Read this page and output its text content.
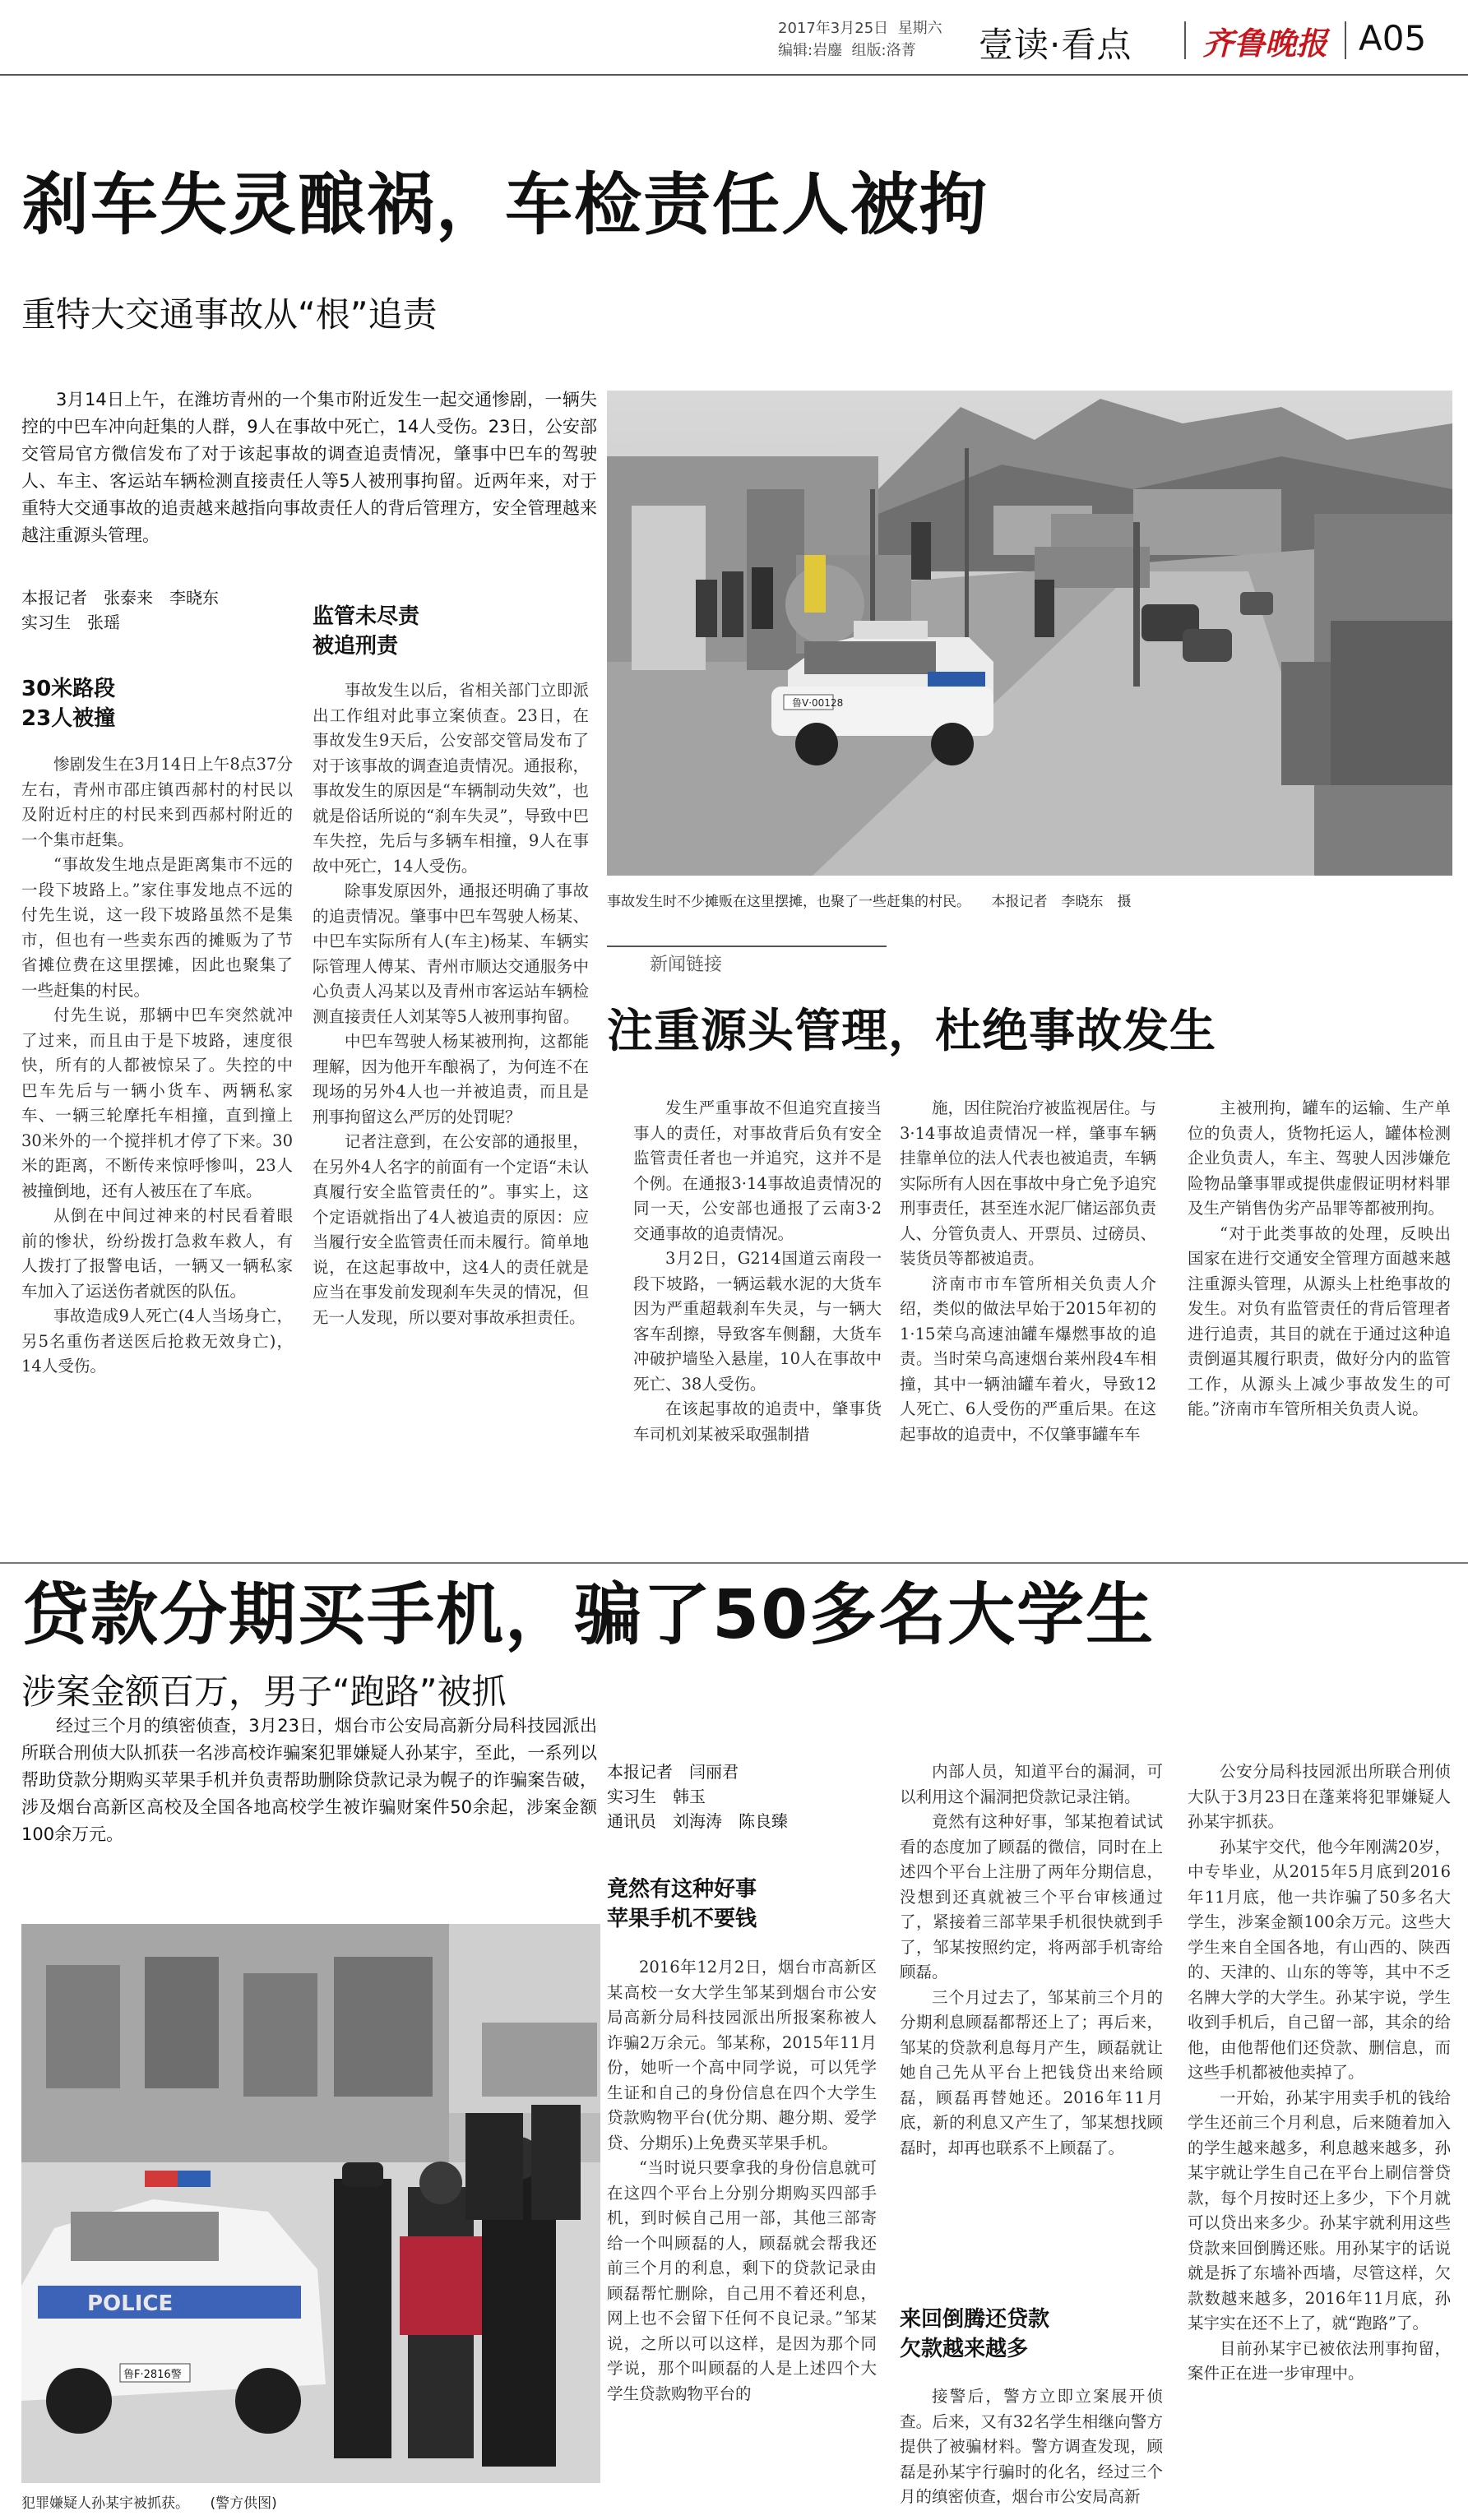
2017年3月25日 星期六
编辑:岩鏖 组版:洛菁 壹读·看点 齐鲁晚报 A05
刹车失灵酿祸，车检责任人被拘
重特大交通事故从“根”追责
3月14日上午，在潍坊青州的一个集市附近发生一起交通惨剧，一辆失控的中巴车冲向赶集的人群，9人在事故中死亡，14人受伤。23日，公安部交管局官方微信发布了对于该起事故的调查追责情况，肇事中巴车的驾驶人、车主、客运站车辆检测直接责任人等5人被刑事拘留。近两年来，对于重特大交通事故的追责越来越指向事故责任人的背后管理方，安全管理越来越注重源头管理。
本报记者　张泰来　李晓东
实习生　张瑶
30米路段
23人被撞

惨剧发生在3月14日上午8点37分左右，青州市邵庄镇西郝村的村民以及附近村庄的村民来到西郝村附近的一个集市赶集。

“事故发生地点是距离集市不远的一段下坡路上。”家住事发地点不远的付先生说，这一段下坡路虽然不是集市，但也有一些卖东西的摊贩为了节省摊位费在这里摆摊，因此也聚集了一些赶集的村民。

付先生说，那辆中巴车突然就冲了过来，而且由于是下坡路，速度很快，所有的人都被惊呆了。失控的中巴车先后与一辆小货车、两辆私家车、一辆三轮摩托车相撞，直到撞上30米外的一个搅拌机才停了下来。30米的距离，不断传来惊呼惨叫，23人被撞倒地，还有人被压在了车底。

从倒在中间过神来的村民看着眼前的惨状，纷纷拨打急救车救人，有人拨打了报警电话，一辆又一辆私家车加入了运送伤者就医的队伍。

事故造成9人死亡(4人当场身亡，另5名重伤者送医后抢救无效身亡)，14人受伤。

监管未尽责
被追刑责

事故发生以后，省相关部门立即派出工作组对此事立案侦查。23日，在事故发生9天后，公安部交管局发布了对于该事故的调查追责情况。通报称，事故发生的原因是“车辆制动失效”，也就是俗话所说的“刹车失灵”，导致中巴车失控，先后与多辆车相撞，9人在事故中死亡，14人受伤。

除事发原因外，通报还明确了事故的追责情况。肇事中巴车驾驶人杨某、中巴车实际所有人(车主)杨某、车辆实际管理人傅某、青州市顺达交通服务中心负责人冯某以及青州市客运站车辆检测直接责任人刘某等5人被刑事拘留。

中巴车驾驶人杨某被刑拘，这都能理解，因为他开车酿祸了，为何连不在现场的另外4人也一并被追责，而且是刑事拘留这么严厉的处罚呢？

记者注意到，在公安部的通报里，在另外4人名字的前面有一个定语“未认真履行安全监管责任的”。事实上，这个定语就指出了4人被追责的原因：应当履行安全监管责任而未履行。简单地说，在这起事故中，这4人的责任就是应当在事发前发现刹车失灵的情况，但无一人发现，所以要对事故承担责任。

鲁V·00128
事故发生时不少摊贩在这里摆摊，也聚了一些赶集的村民。　　本报记者　李晓东　摄
新闻链接
注重源头管理，杜绝事故发生

发生严重事故不但追究直接当事人的责任，对事故背后负有安全监管责任者也一并追究，这并不是个例。在通报3·14事故追责情况的同一天，公安部也通报了云南3·2交通事故的追责情况。

3月2日，G214国道云南段一段下坡路，一辆运载水泥的大货车因为严重超载刹车失灵，与一辆大客车刮擦，导致客车侧翻，大货车冲破护墙坠入悬崖，10人在事故中死亡、38人受伤。

在该起事故的追责中，肇事货车司机刘某被采取强制措

施，因住院治疗被监视居住。与3·14事故追责情况一样，肇事车辆挂靠单位的法人代表也被追责，车辆实际所有人因在事故中身亡免予追究刑事责任，甚至连水泥厂储运部负责人、分管负责人、开票员、过磅员、装货员等都被追责。

济南市市车管所相关负责人介绍，类似的做法早始于2015年初的1·15荣乌高速油罐车爆燃事故的追责。当时荣乌高速烟台莱州段4车相撞，其中一辆油罐车着火，导致12人死亡、6人受伤的严重后果。在这起事故的追责中，不仅肇事罐车车

主被刑拘，罐车的运输、生产单位的负责人，货物托运人，罐体检测企业负责人，车主、驾驶人因涉嫌危险物品肇事罪或提供虚假证明材料罪及生产销售伪劣产品罪等都被刑拘。

“对于此类事故的处理，反映出国家在进行交通安全管理方面越来越注重源头管理，从源头上杜绝事故的发生。对负有监管责任的背后管理者进行追责，其目的就在于通过这种追责倒逼其履行职责，做好分内的监管工作，从源头上减少事故发生的可能。”济南市车管所相关负责人说。

贷款分期买手机，骗了50多名大学生
涉案金额百万，男子“跑路”被抓
经过三个月的缜密侦查，3月23日，烟台市公安局高新分局科技园派出所联合刑侦大队抓获一名涉高校诈骗案犯罪嫌疑人孙某宇，至此，一系列以帮助贷款分期购买苹果手机并负责帮助删除贷款记录为幌子的诈骗案告破，涉及烟台高新区高校及全国各地高校学生被诈骗财案件50余起，涉案金额100余万元。
POLICE
鲁F·2816警
犯罪嫌疑人孙某宇被抓获。　　(警方供图)
本报记者　闫丽君
实习生　韩玉
通讯员　刘海涛　陈良臻
竟然有这种好事
苹果手机不要钱

2016年12月2日，烟台市高新区某高校一女大学生邹某到烟台市公安局高新分局科技园派出所报案称被人诈骗2万余元。邹某称，2015年11月份，她听一个高中同学说，可以凭学生证和自己的身份信息在四个大学生贷款购物平台(优分期、趣分期、爱学贷、分期乐)上免费买苹果手机。

“当时说只要拿我的身份信息就可在这四个平台上分别分期购买四部手机，到时候自己用一部，其他三部寄给一个叫顾磊的人，顾磊就会帮我还前三个月的利息，剩下的贷款记录由顾磊帮忙删除，自己用不着还利息，网上也不会留下任何不良记录。”邹某说，之所以可以这样，是因为那个同学说，那个叫顾磊的人是上述四个大学生贷款购物平台的

内部人员，知道平台的漏洞，可以利用这个漏洞把贷款记录注销。

竟然有这种好事，邹某抱着试试看的态度加了顾磊的微信，同时在上述四个平台上注册了两年分期信息，没想到还真就被三个平台审核通过了，紧接着三部苹果手机很快就到手了，邹某按照约定，将两部手机寄给顾磊。

三个月过去了，邹某前三个月的分期利息顾磊都帮还上了；再后来，邹某的贷款利息每月产生，顾磊就让她自己先从平台上把钱贷出来给顾磊，顾磊再替她还。2016年11月底，新的利息又产生了，邹某想找顾磊时，却再也联系不上顾磊了。

来回倒腾还贷款
欠款越来越多

接警后，警方立即立案展开侦查。后来，又有32名学生相继向警方提供了被骗材料。警方调查发现，顾磊是孙某宇行骗时的化名，经过三个月的缜密侦查，烟台市公安局高新

公安分局科技园派出所联合刑侦大队于3月23日在蓬莱将犯罪嫌疑人孙某宇抓获。

孙某宇交代，他今年刚满20岁，中专毕业，从2015年5月底到2016年11月底，他一共诈骗了50多名大学生，涉案金额100余万元。这些大学生来自全国各地，有山西的、陕西的、天津的、山东的等等，其中不乏名牌大学的大学生。孙某宇说，学生收到手机后，自己留一部，其余的给他，由他帮他们还贷款、删信息，而这些手机都被他卖掉了。

一开始，孙某宇用卖手机的钱给学生还前三个月利息，后来随着加入的学生越来越多，利息越来越多，孙某宇就让学生自己在平台上刷信誉贷款，每个月按时还上多少，下个月就可以贷出来多少。孙某宇就利用这些贷款来回倒腾还账。用孙某宇的话说就是拆了东墙补西墙，尽管这样，欠款数越来越多，2016年11月底，孙某宇实在还不上了，就“跑路”了。

目前孙某宇已被依法刑事拘留，案件正在进一步审理中。
